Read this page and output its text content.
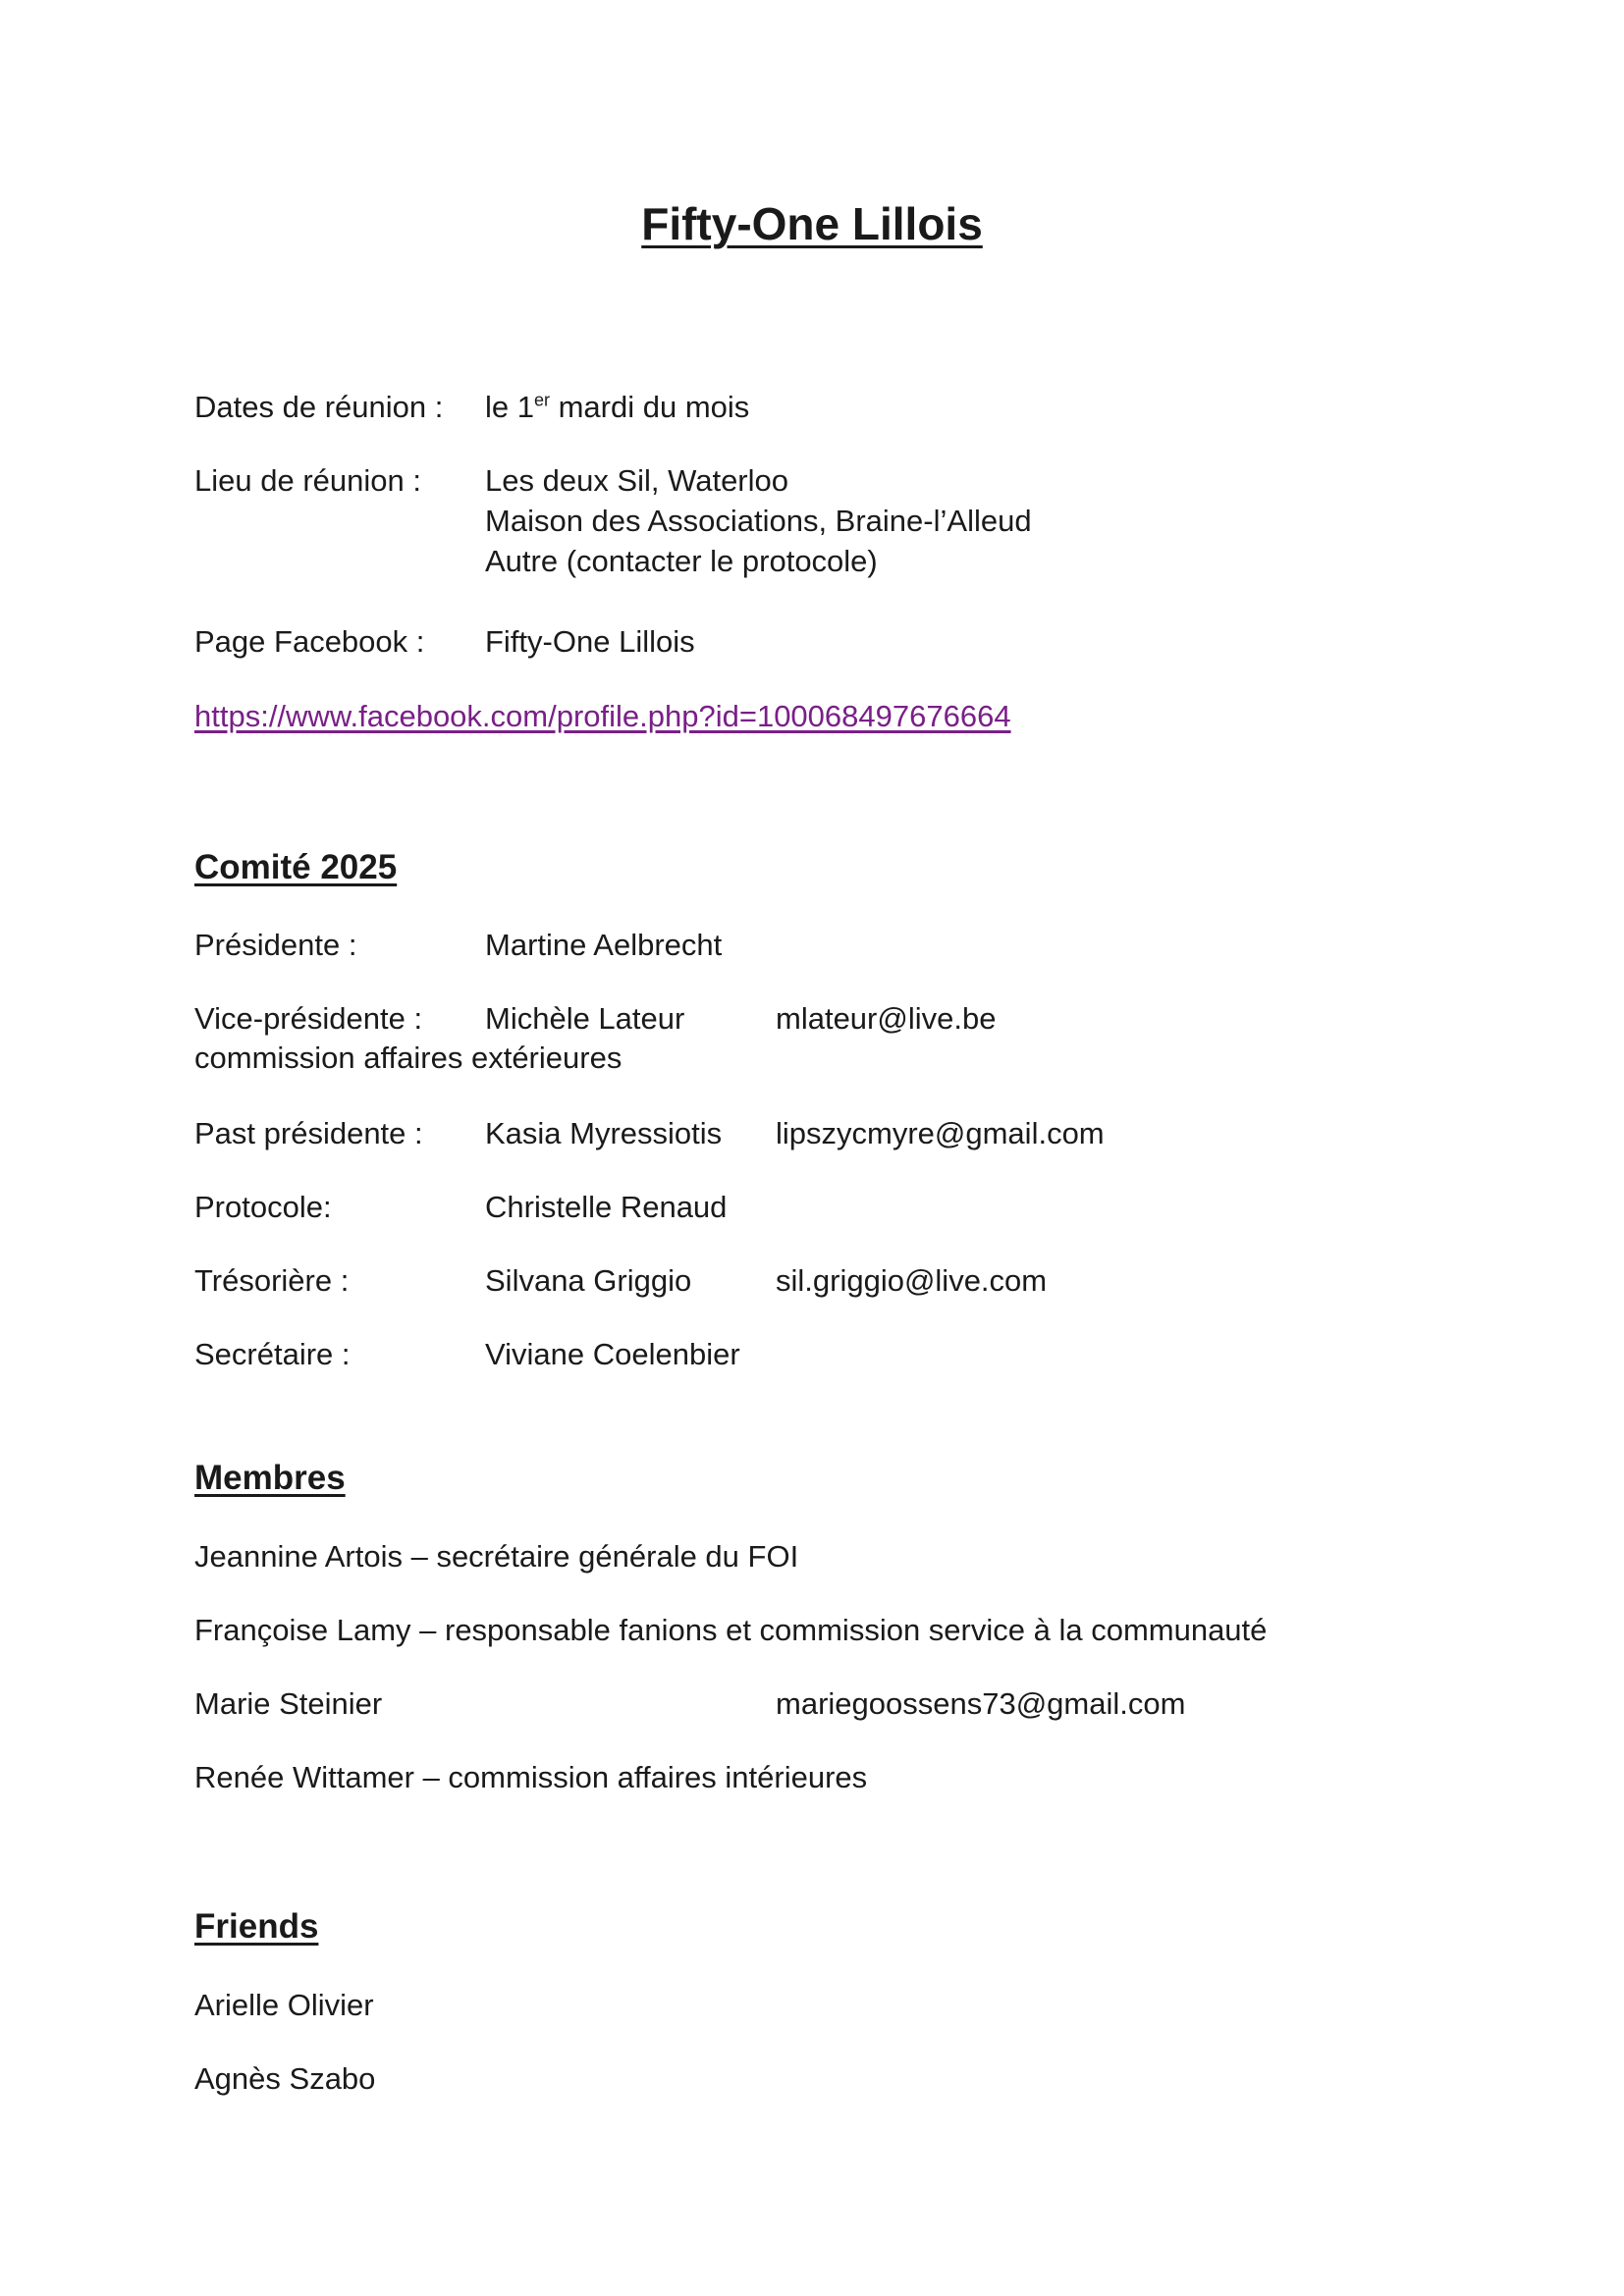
Fifty-One Lillois
Dates de réunion : le 1er mardi du mois
Lieu de réunion : Les deux Sil, Waterloo
Maison des Associations, Braine-l’Alleud
Autre (contacter le protocole)
Page Facebook : Fifty-One Lillois
https://www.facebook.com/profile.php?id=100068497676664
Comité 2025
Présidente :	Martine Aelbrecht
Vice-présidente : Michèle Lateur	mlateur@live.be
commission affaires extérieures
Past présidente : Kasia Myressiotis lipszycmyre@gmail.com
Protocole:	Christelle Renaud
Trésorière :	Silvana Griggio	sil.griggio@live.com
Secrétaire :	Viviane Coelenbier
Membres
Jeannine Artois – secrétaire générale du FOI
Françoise Lamy – responsable fanions et commission service à la communauté
Marie Steinier	mariegoossens73@gmail.com
Renée Wittamer – commission affaires intérieures
Friends
Arielle Olivier
Agnès Szabo
